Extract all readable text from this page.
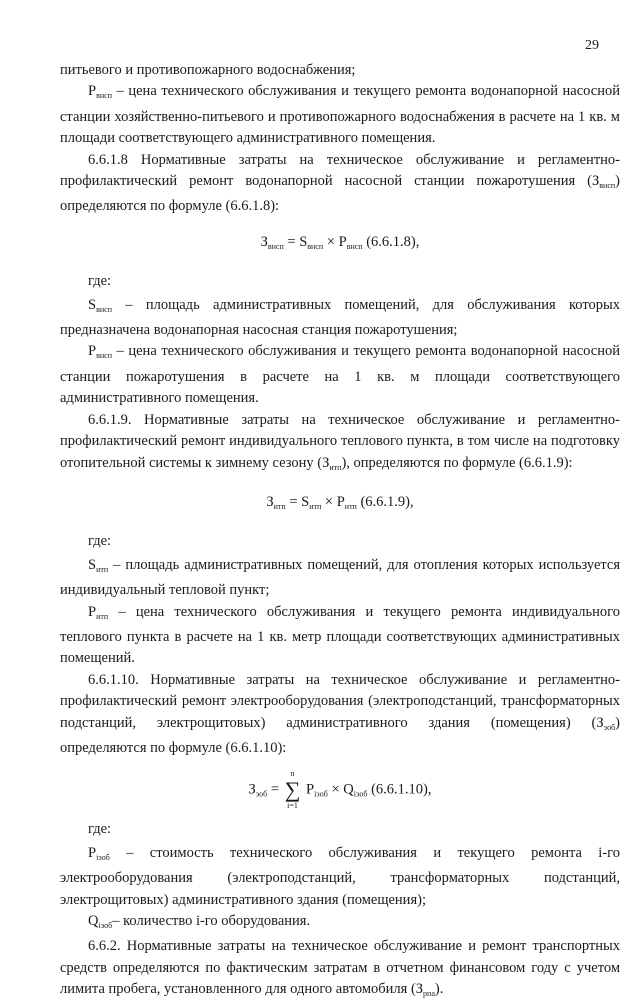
29

питьевого и противопожарного водоснабжения;

$P_{внсп}$ – цена технического обслуживания и текущего ремонта водонапорной насосной станции хозяйственно-питьевого и противопожарного водоснабжения в расчете на 1 кв. м площади соответствующего административного помещения.

6.6.1.8 Нормативные затраты на техническое обслуживание и регламентно-профилактический ремонт водонапорной насосной станции пожаротушения $(З_{внсп})$ определяются по формуле (6.6.1.8):

$З_{внсп} = S_{внсп} \times P_{внсп}$ (6.6.1.8),

где:

$S_{внсп}$ – площадь административных помещений, для обслуживания которых предназначена водонапорная насосная станция пожаротушения;

$P_{внсп}$ – цена технического обслуживания и текущего ремонта водонапорной насосной станции пожаротушения в расчете на 1 кв. м площади соответствующего административного помещения.

6.6.1.9. Нормативные затраты на техническое обслуживание и регламентно-профилактический ремонт индивидуального теплового пункта, в том числе на подготовку отопительной системы к зимнему сезону $(З_{итп})$, определяются по формуле (6.6.1.9):

$З_{итп} = S_{итп} \times P_{итп}$ (6.6.1.9),

где:

$S_{итп}$ – площадь административных помещений, для отопления которых используется индивидуальный тепловой пункт;

$P_{итп}$ – цена технического обслуживания и текущего ремонта индивидуального теплового пункта в расчете на 1 кв. метр площади соответствующих административных помещений.

6.6.1.10. Нормативные затраты на техническое обслуживание и регламентно-профилактический ремонт электрооборудования (электроподстанций, трансформаторных подстанций, электрощитовых) административного здания (помещения) $(З_{эоб})$ определяются по формуле (6.6.1.10):

$З_{эоб}$ =
n
∑
i=1
$P_{iэоб} \times Q_{iэоб}$ (6.6.1.10),

где:

$P_{iэоб}$ – стоимость технического обслуживания и текущего ремонта i-го электрооборудования (электроподстанций, трансформаторных подстанций, электрощитовых) административного здания (помещения);

$Q_{iэоб}-$ количество i-го оборудования.

6.6.2. Нормативные затраты на техническое обслуживание и ремонт транспортных средств определяются по фактическим затратам в отчетном финансовом году с учетом лимита пробега, установленного для одного автомобиля $(З_{рпа})$.
